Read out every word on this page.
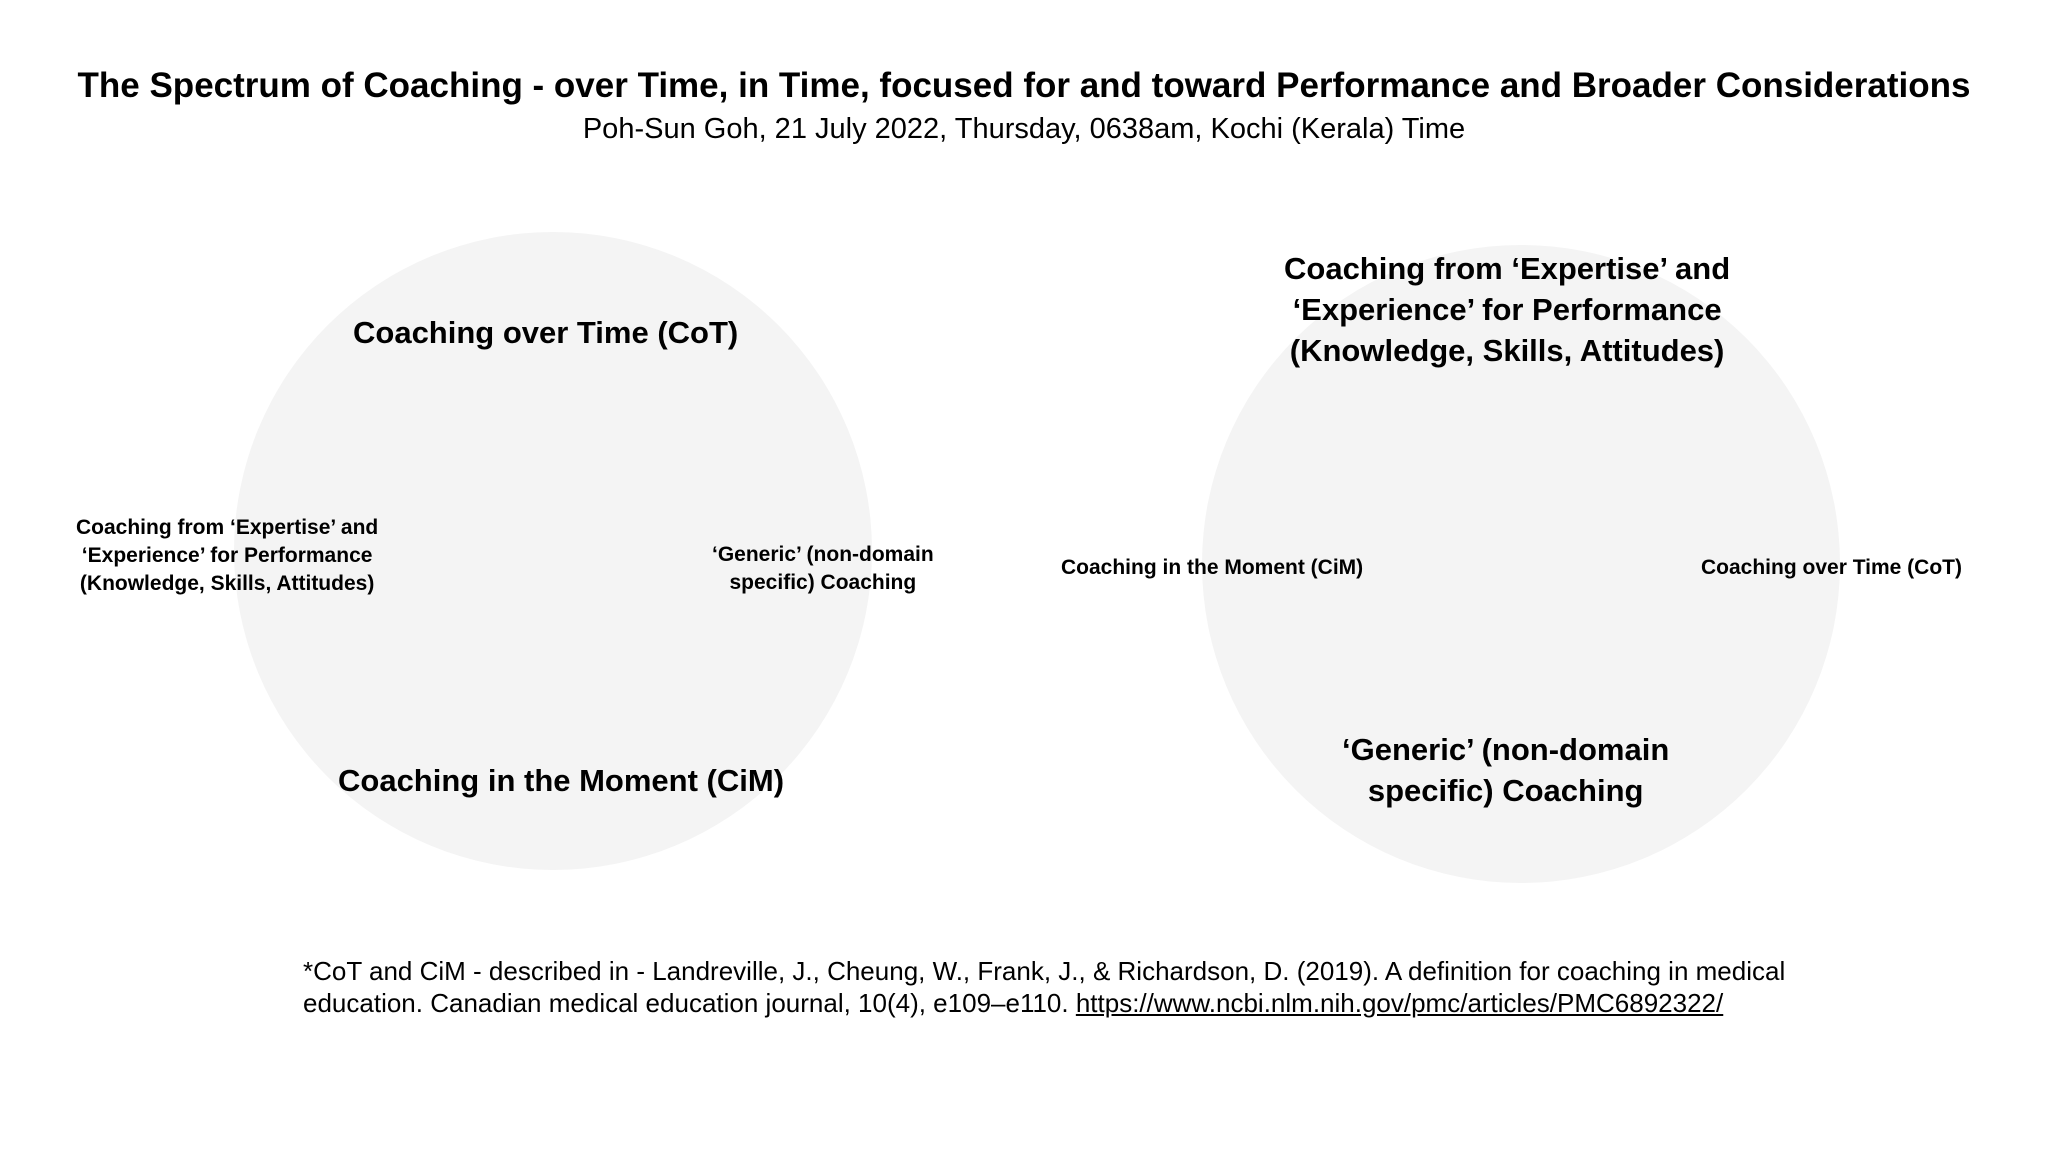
The Spectrum of Coaching - over Time, in Time, focused for and toward Performance and Broader Considerations
Poh-Sun Goh, 21 July 2022, Thursday, 0638am, Kochi (Kerala) Time
Coaching over Time (CoT)
Coaching in the Moment (CiM)
Coaching from ‘Expertise’ and
‘Experience’ for Performance
(Knowledge, Skills, Attitudes)
‘Generic’ (non-domain
specific) Coaching
Coaching from ‘Expertise’ and
‘Experience’ for Performance
(Knowledge, Skills, Attitudes)
‘Generic’ (non-domain
specific) Coaching
Coaching in the Moment (CiM)	Coaching over Time (CoT)
*CoT and CiM - described in - Landreville, J., Cheung, W., Frank, J., & Richardson, D. (2019). A definition for coaching in medical education. Canadian medical education journal, 10(4), e109–e110. https://www.ncbi.nlm.nih.gov/pmc/articles/PMC6892322/
